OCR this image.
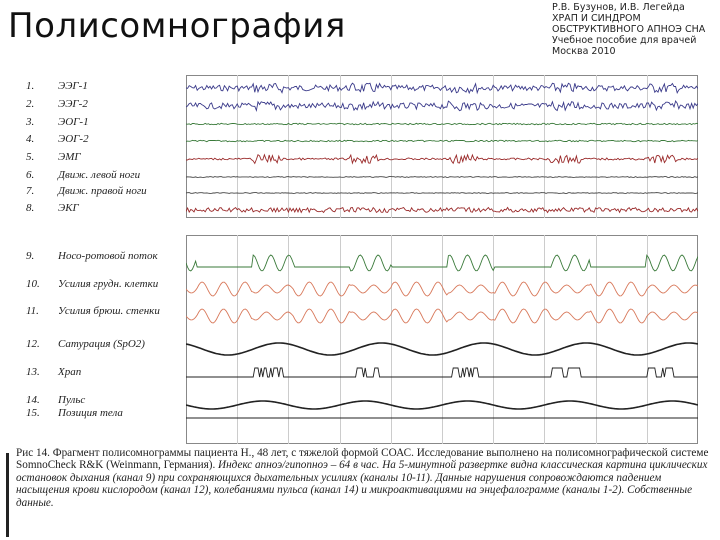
Полисомнография	Р.В. Бузунов, И.В. Легейда
ХРАП И СИНДРОМ
ОБСТРУКТИВНОГО АПНОЭ СНА
Учебное пособие для врачей
Москва 2010
1. ЭЭГ-1
2. ЭЭГ-2
3. ЭОГ-1
4. ЭОГ-2
5. ЭМГ
6. Движ. левой ноги
7. Движ. правой ноги
8. ЭКГ
9. Носо-ротовой поток
10. Усилия грудн. клетки
11. Усилия брюш. стенки
12. Сатурация (SpO2)
13. Храп
14. Пульс
15. Позиция тела
Рис 14. Фрагмент полисомнограммы пациента Н., 48 лет, с тяжелой формой СОАС. Исследование выполнено на полисомнографической системе SomnoCheck R&K (Weinmann, Германия). Индекс апноэ/гипопноэ – 64 в час. На 5-минутной развертке видна классическая картина циклических остановок дыхания (канал 9) при сохраняющихся дыхательных усилиях (каналы 10-11). Данные нарушения сопровождаются падением насыщения крови кислородом (канал 12), колебаниями пульса (канал 14) и микроактивациями на энцефалограмме (каналы 1-2). Собственные данные.
